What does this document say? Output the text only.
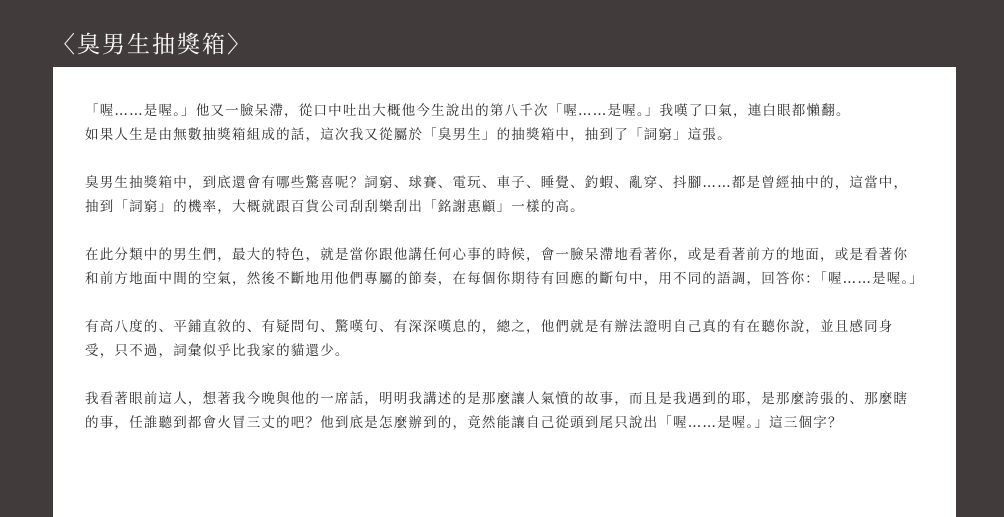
〈臭男生抽獎箱〉

「喔……是喔。」他又一臉呆滯，從口中吐出大概他今生說出的第八千次「喔……是喔。」我嘆了口氣，連白眼都懶翻。
如果人生是由無數抽獎箱組成的話，這次我又從屬於「臭男生」的抽獎箱中，抽到了「詞窮」這張。

臭男生抽獎箱中，到底還會有哪些驚喜呢？詞窮、球賽、電玩、車子、睡覺、釣蝦、亂穿、抖腳……都是曾經抽中的，這當中，抽到「詞窮」的機率，大概就跟百貨公司刮刮樂刮出「銘謝惠顧」一樣的高。

在此分類中的男生們，最大的特色，就是當你跟他講任何心事的時候，會一臉呆滯地看著你，或是看著前方的地面，或是看著你和前方地面中間的空氣，然後不斷地用他們專屬的節奏，在每個你期待有回應的斷句中，用不同的語調，回答你：「喔……是喔。」

有高八度的、平鋪直敘的、有疑問句、驚嘆句、有深深嘆息的，總之，他們就是有辦法證明自己真的有在聽你說，並且感同身受，只不過，詞彙似乎比我家的貓還少。

我看著眼前這人，想著我今晚與他的一席話，明明我講述的是那麼讓人氣憤的故事，而且是我遇到的耶，是那麼誇張的、那麼瞎的事，任誰聽到都會火冒三丈的吧？他到底是怎麼辦到的，竟然能讓自己從頭到尾只說出「喔……是喔。」這三個字？
